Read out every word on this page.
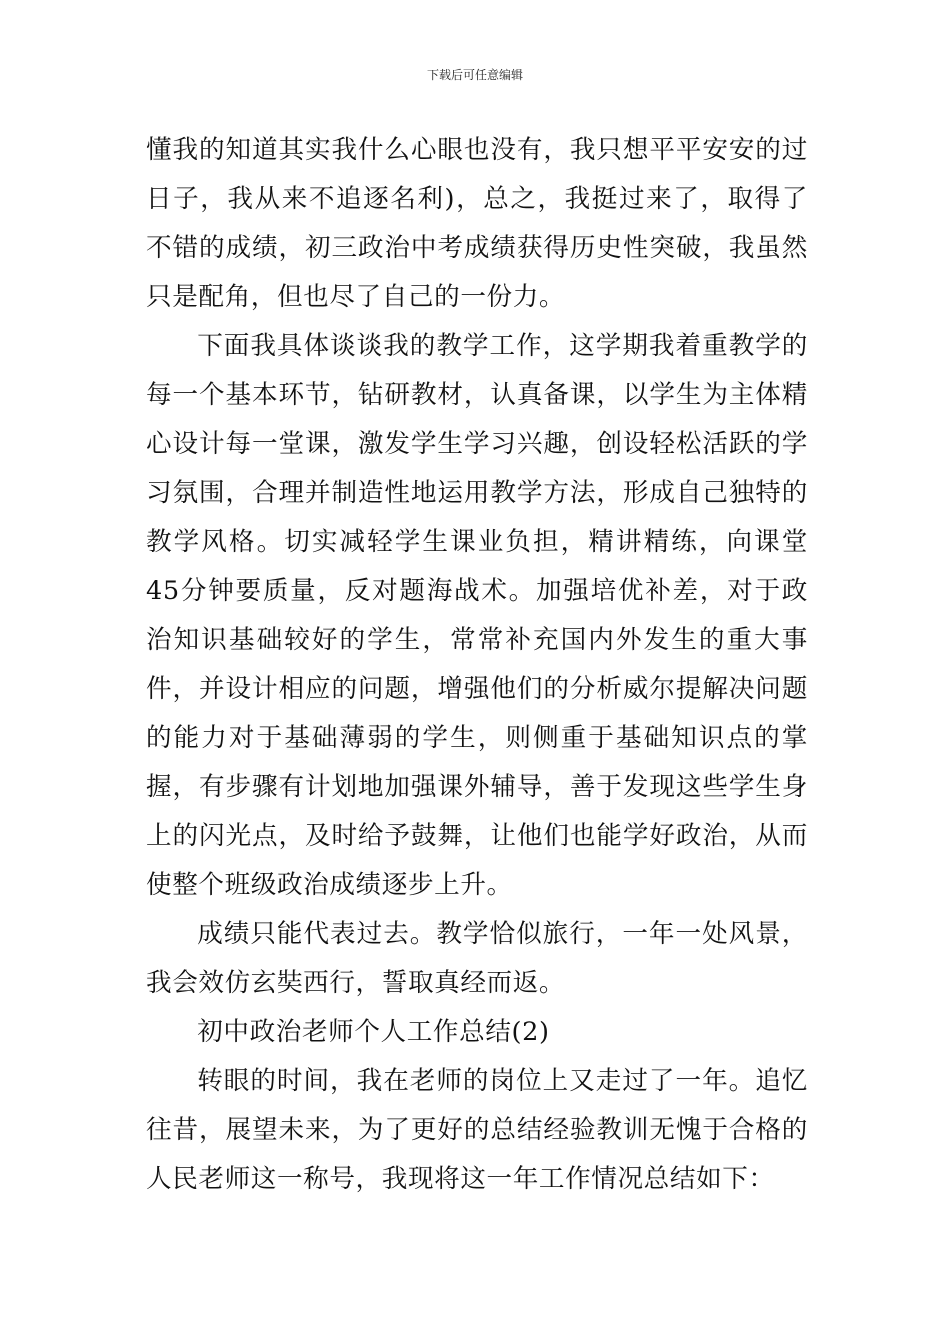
下载后可任意编辑

懂我的知道其实我什么心眼也没有，我只想平平安安的过日子，我从来不追逐名利)，总之，我挺过来了，取得了不错的成绩，初三政治中考成绩获得历史性突破，我虽然只是配角，但也尽了自己的一份力。

下面我具体谈谈我的教学工作，这学期我着重教学的每一个基本环节，钻研教材，认真备课，以学生为主体精心设计每一堂课，激发学生学习兴趣，创设轻松活跃的学习氛围，合理并制造性地运用教学方法，形成自己独特的教学风格。切实减轻学生课业负担，精讲精练，向课堂45分钟要质量，反对题海战术。加强培优补差，对于政治知识基础较好的学生，常常补充国内外发生的重大事件，并设计相应的问题，增强他们的分析威尔提解决问题的能力对于基础薄弱的学生，则侧重于基础知识点的掌握，有步骤有计划地加强课外辅导，善于发现这些学生身上的闪光点，及时给予鼓舞，让他们也能学好政治，从而使整个班级政治成绩逐步上升。

成绩只能代表过去。教学恰似旅行，一年一处风景，我会效仿玄奘西行，誓取真经而返。

初中政治老师个人工作总结(2)

转眼的时间，我在老师的岗位上又走过了一年。追忆往昔，展望未来，为了更好的总结经验教训无愧于合格的人民老师这一称号，我现将这一年工作情况总结如下：
